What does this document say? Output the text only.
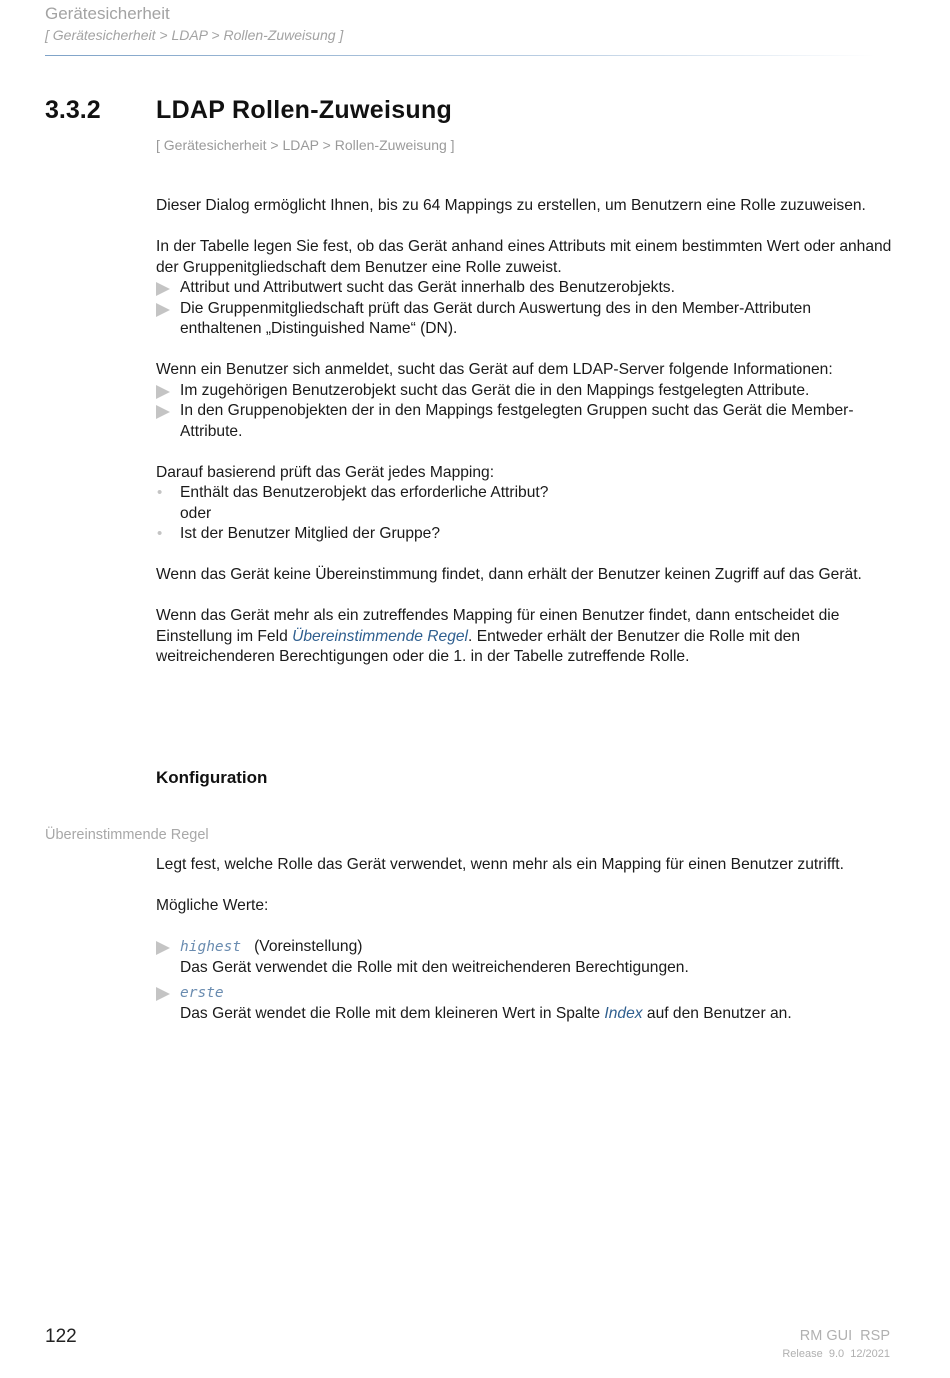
Gerätesicherheit
[ Gerätesicherheit > LDAP > Rollen-Zuweisung ]
3.3.2 LDAP Rollen-Zuweisung
[ Gerätesicherheit > LDAP > Rollen-Zuweisung ]

Dieser Dialog ermöglicht Ihnen, bis zu 64 Mappings zu erstellen, um Benutzern eine Rolle zuzuweisen.

In der Tabelle legen Sie fest, ob das Gerät anhand eines Attributs mit einem bestimmten Wert oder anhand der Gruppenitgliedschaft dem Benutzer eine Rolle zuweist.

Attribut und Attributwert sucht das Gerät innerhalb des Benutzerobjekts.
Die Gruppenmitgliedschaft prüft das Gerät durch Auswertung des in den Member-Attributen enthaltenen „Distinguished Name“ (DN).

Wenn ein Benutzer sich anmeldet, sucht das Gerät auf dem LDAP-Server folgende Informationen:

Im zugehörigen Benutzerobjekt sucht das Gerät die in den Mappings festgelegten Attribute.
In den Gruppenobjekten der in den Mappings festgelegten Gruppen sucht das Gerät die Member-Attribute.

Darauf basierend prüft das Gerät jedes Mapping:

• Enthält das Benutzerobjekt das erforderliche Attribut?
oder
• Ist der Benutzer Mitglied der Gruppe?

Wenn das Gerät keine Übereinstimmung findet, dann erhält der Benutzer keinen Zugriff auf das Gerät.

Wenn das Gerät mehr als ein zutreffendes Mapping für einen Benutzer findet, dann entscheidet die Einstellung im Feld Übereinstimmende Regel. Entweder erhält der Benutzer die Rolle mit den weitreichenderen Berechtigungen oder die 1. in der Tabelle zutreffende Rolle.

Konfiguration
Übereinstimmende Regel

Legt fest, welche Rolle das Gerät verwendet, wenn mehr als ein Mapping für einen Benutzer zutrifft.

Mögliche Werte:

highest (Voreinstellung)
Das Gerät verwendet die Rolle mit den weitreichenderen Berechtigungen.
erste
Das Gerät wendet die Rolle mit dem kleineren Wert in Spalte Index auf den Benutzer an.
122	RM GUI  RSP
Release  9.0  12/2021
